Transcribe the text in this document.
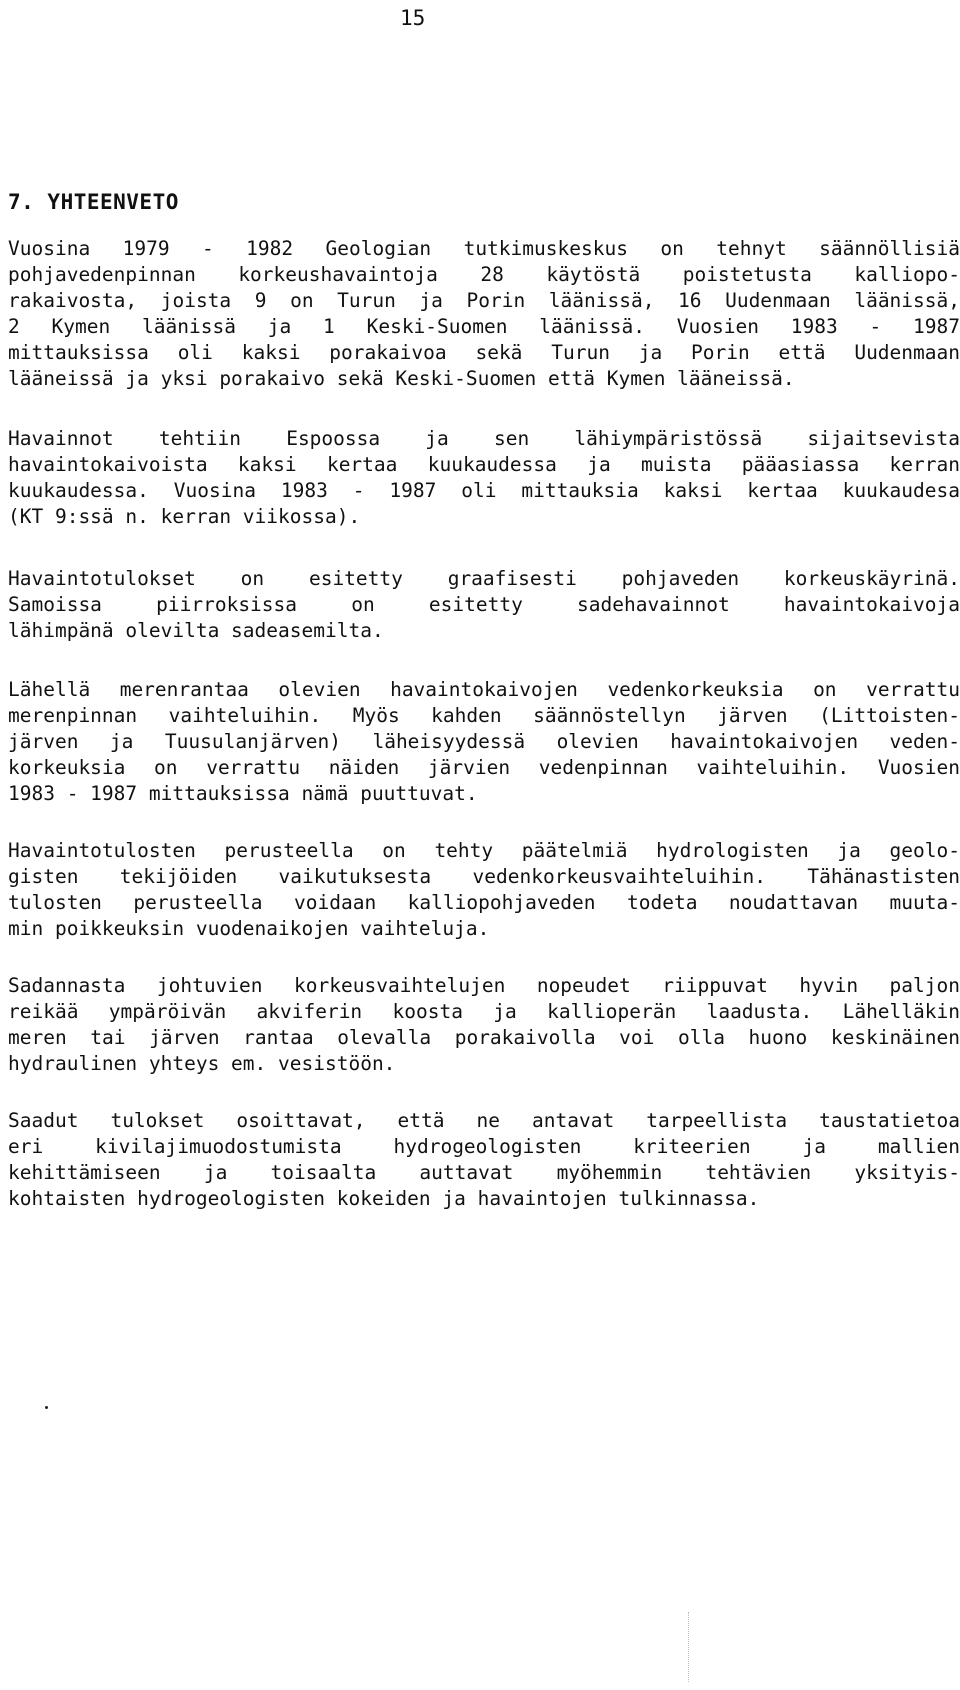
15
7. YHTEENVETO
Vuosina 1979 - 1982 Geologian tutkimuskeskus on tehnyt säännöllisiä
pohjavedenpinnan korkeushavaintoja 28 käytöstä poistetusta kalliopo-
rakaivosta, joista 9 on Turun ja Porin läänissä, 16 Uudenmaan läänissä,
2 Kymen läänissä ja 1 Keski-Suomen läänissä. Vuosien 1983 - 1987
mittauksissa oli kaksi porakaivoa sekä Turun ja Porin että Uudenmaan
lääneissä ja yksi porakaivo sekä Keski-Suomen että Kymen lääneissä.
Havainnot tehtiin Espoossa ja sen lähiympäristössä sijaitsevista
havaintokaivoista kaksi kertaa kuukaudessa ja muista pääasiassa kerran
kuukaudessa. Vuosina 1983 - 1987 oli mittauksia kaksi kertaa kuukaudesa
(KT 9:ssä n. kerran viikossa).
Havaintotulokset on esitetty graafisesti pohjaveden korkeuskäyrinä.
Samoissa piirroksissa on esitetty sadehavainnot havaintokaivoja
lähimpänä olevilta sadeasemilta.
Lähellä merenrantaa olevien havaintokaivojen vedenkorkeuksia on verrattu
merenpinnan vaihteluihin. Myös kahden säännöstellyn järven (Littoisten-
järven ja Tuusulanjärven) läheisyydessä olevien havaintokaivojen veden-
korkeuksia on verrattu näiden järvien vedenpinnan vaihteluihin. Vuosien
1983 - 1987 mittauksissa nämä puuttuvat.
Havaintotulosten perusteella on tehty päätelmiä hydrologisten ja geolo-
gisten tekijöiden vaikutuksesta vedenkorkeusvaihteluihin. Tähänastisten
tulosten perusteella voidaan kalliopohjaveden todeta noudattavan muuta-
min poikkeuksin vuodenaikojen vaihteluja.
Sadannasta johtuvien korkeusvaihtelujen nopeudet riippuvat hyvin paljon
reikää ympäröivän akviferin koosta ja kallioperän laadusta. Lähelläkin
meren tai järven rantaa olevalla porakaivolla voi olla huono keskinäinen
hydraulinen yhteys em. vesistöön.
Saadut tulokset osoittavat, että ne antavat tarpeellista taustatietoa
eri kivilajimuodostumista hydrogeologisten kriteerien ja mallien
kehittämiseen ja toisaalta auttavat myöhemmin tehtävien yksityis-
kohtaisten hydrogeologisten kokeiden ja havaintojen tulkinnassa.
